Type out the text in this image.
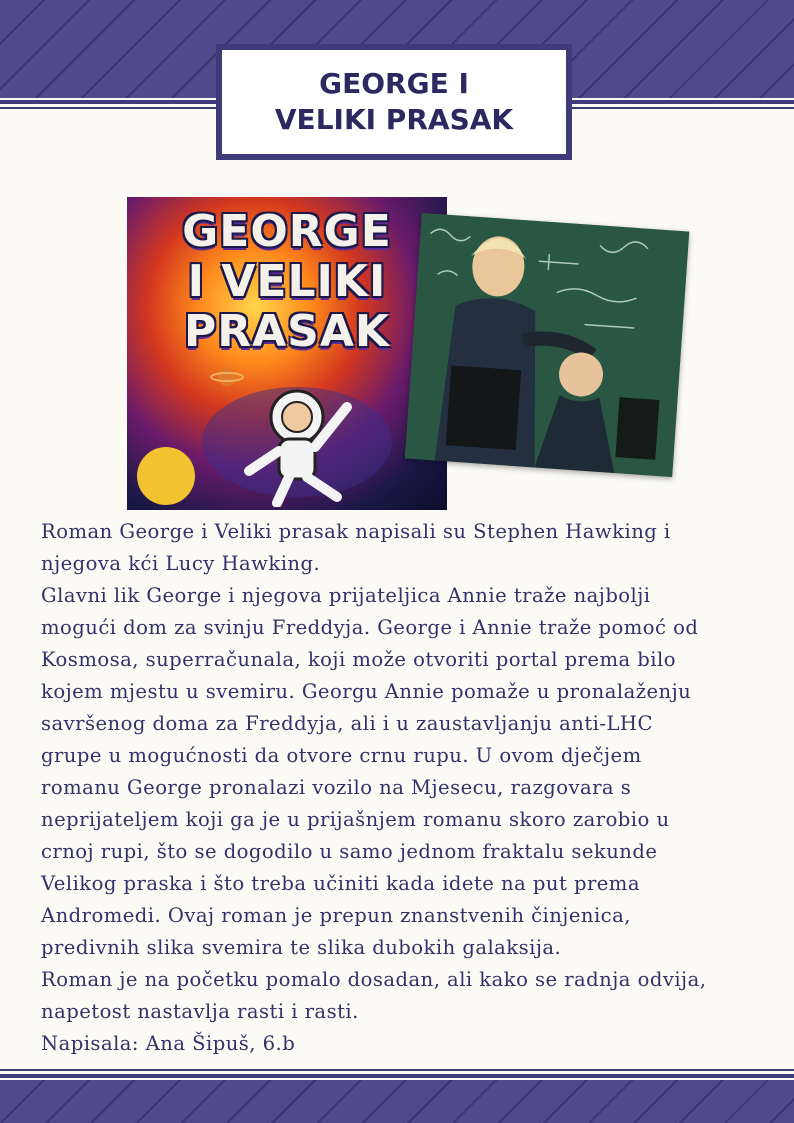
GEORGE I VELIKI PRASAK
GEORGE
I VELIKI
PRASAK

Roman George i Veliki prasak napisali su Stephen Hawking i
njegova kći Lucy Hawking.
Glavni lik George i njegova prijateljica Annie traže najbolji
mogući dom za svinju Freddyja. George i Annie traže pomoć od
Kosmosa, superračunala, koji može otvoriti portal prema bilo
kojem mjestu u svemiru. Georgu Annie pomaže u pronalaženju
savršenog doma za Freddyja, ali i u zaustavljanju anti-LHC
grupe u mogućnosti da otvore crnu rupu. U ovom dječjem
romanu George pronalazi vozilo na Mjesecu, razgovara s
neprijateljem koji ga je u prijašnjem romanu skoro zarobio u
crnoj rupi, što se dogodilo u samo jednom fraktalu sekunde
Velikog praska i što treba učiniti kada idete na put prema
Andromedi. Ovaj roman je prepun znanstvenih činjenica,
predivnih slika svemira te slika dubokih galaksija.
Roman je na početku pomalo dosadan, ali kako se radnja odvija,
napetost nastavlja rasti i rasti.
Napisala: Ana Šipuš, 6.b
